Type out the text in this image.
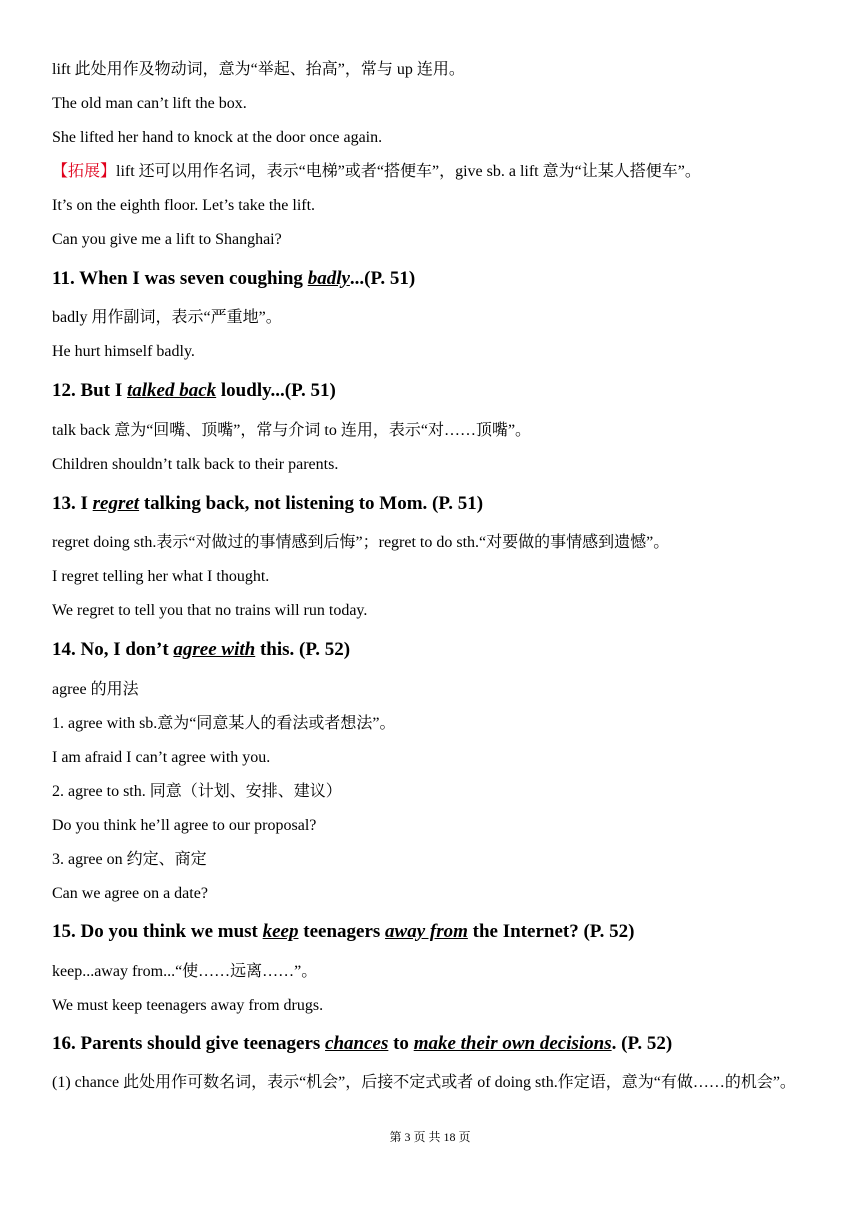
lift 此处用作及物动词，意为“举起、抬高”，常与 up 连用。
The old man can’t lift the box.
She lifted her hand to knock at the door once again.
【拓展】lift 还可以用作名词，表示“电梯”或者“搭便车”，give sb. a lift 意为“让某人搭便车”。
It’s on the eighth floor. Let’s take the lift.
Can you give me a lift to Shanghai?
11. When I was seven coughing badly...(P. 51)
badly 用作副词，表示“严重地”。
He hurt himself badly.
12. But I talked back loudly...(P. 51)
talk back 意为“回嘴、顶嘴”，常与介词 to 连用，表示“对……顶嘴”。
Children shouldn’t talk back to their parents.
13. I regret talking back, not listening to Mom. (P. 51)
regret doing sth.表示“对做过的事情感到后悔”；regret to do sth.“对要做的事情感到遗憾”。
I regret telling her what I thought.
We regret to tell you that no trains will run today.
14. No, I don’t agree with this. (P. 52)
agree 的用法
1. agree with sb.意为“同意某人的看法或者想法”。
I am afraid I can’t agree with you.
2. agree to sth. 同意（计划、安排、建议）
Do you think he’ll agree to our proposal?
3. agree on 约定、商定
Can we agree on a date?
15. Do you think we must keep teenagers away from the Internet? (P. 52)
keep...away from...“使……远离……”。
We must keep teenagers away from drugs.
16. Parents should give teenagers chances to make their own decisions. (P. 52)
(1) chance 此处用作可数名词，表示“机会”，后接不定式或者 of doing sth.作定语，意为“有做……的机会”。
第 3 页 共 18 页
